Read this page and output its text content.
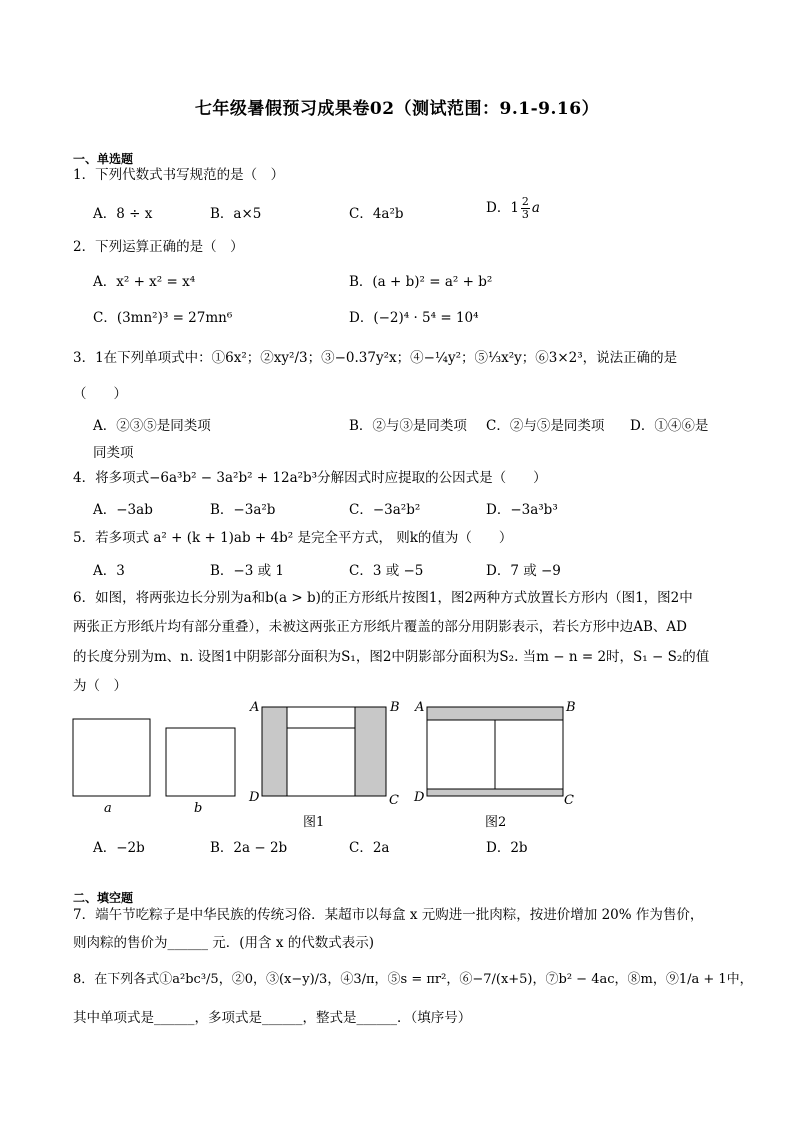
七年级暑假预习成果卷02（测试范围：9.1-9.16）
一、单选题
1．下列代数式书写规范的是（　）
A．8 ÷ x	B．a×5	C．4a²b	D．$1 \frac{2}{3}$ a
2．下列运算正确的是（　）
A．x² + x² = x⁴	B．(a + b)² = a² + b²
C．(3mn²)³ = 27mn⁶	D．(−2)⁴ · 5⁴ = 10⁴
3．1在下列单项式中：①6x²；②xy²/3；③−0.37y²x；④−¼y²；⑤⅓x²y；⑥3×2³，说法正确的是
（　　）
A．②③⑤是同类项	B．②与③是同类项 C．②与⑤是同类项 D．①④⑥是
同类项
4．将多项式−6a³b² − 3a²b² + 12a²b³分解因式时应提取的公因式是（　　）
A．−3ab	B．−3a²b	C．−3a²b²	D．−3a³b³
5．若多项式 a² + (k + 1)ab + 4b² 是完全平方式， 则k的值为（　　）
A．3	B．−3 或 1	C．3 或 −5	D．7 或 −9
6．如图，将两张边长分别为a和b(a > b)的正方形纸片按图1，图2两种方式放置长方形内（图1，图2中
两张正方形纸片均有部分重叠），未被这两张正方形纸片覆盖的部分用阴影表示，若长方形中边AB、AD
的长度分别为m、n. 设图1中阴影部分面积为S₁，图2中阴影部分面积为S₂. 当m − n = 2时，S₁ − S₂的值
为（　）
a	b
A	B
C
D
图1
A	B
C
D
图2
A．−2b	B．2a − 2b	C．2a	D．2b
二、填空题
7．端午节吃粽子是中华民族的传统习俗．某超市以每盒 x 元购进一批肉粽，按进价增加 20% 作为售价，
则肉粽的售价为______ 元．(用含 x 的代数式表示)
8．在下列各式①a²bc³/5，②0，③(x−y)/3，④3/π，⑤s = πr²，⑥−7/(x+5)，⑦b² − 4ac，⑧m，⑨1/a + 1中，
其中单项式是______，多项式是______，整式是______．（填序号）
